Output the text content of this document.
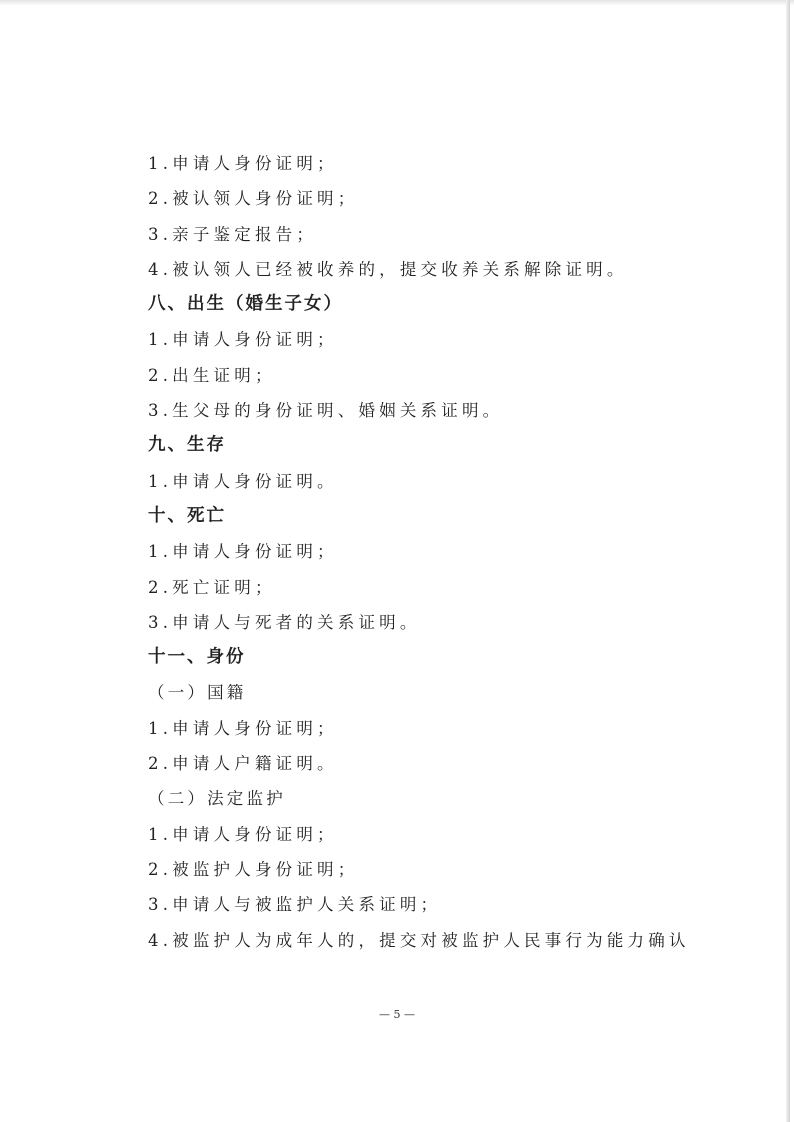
1.申请人身份证明；
2.被认领人身份证明；
3.亲子鉴定报告；
4.被认领人已经被收养的，提交收养关系解除证明。
八、出生（婚生子女）
1.申请人身份证明；
2.出生证明；
3.生父母的身份证明、婚姻关系证明。
九、生存
1.申请人身份证明。
十、死亡
1.申请人身份证明；
2.死亡证明；
3.申请人与死者的关系证明。
十一、身份
（一）国籍
1.申请人身份证明；
2.申请人户籍证明。
（二）法定监护
1.申请人身份证明；
2.被监护人身份证明；
3.申请人与被监护人关系证明；
4.被监护人为成年人的，提交对被监护人民事行为能力确认
— 5 —
